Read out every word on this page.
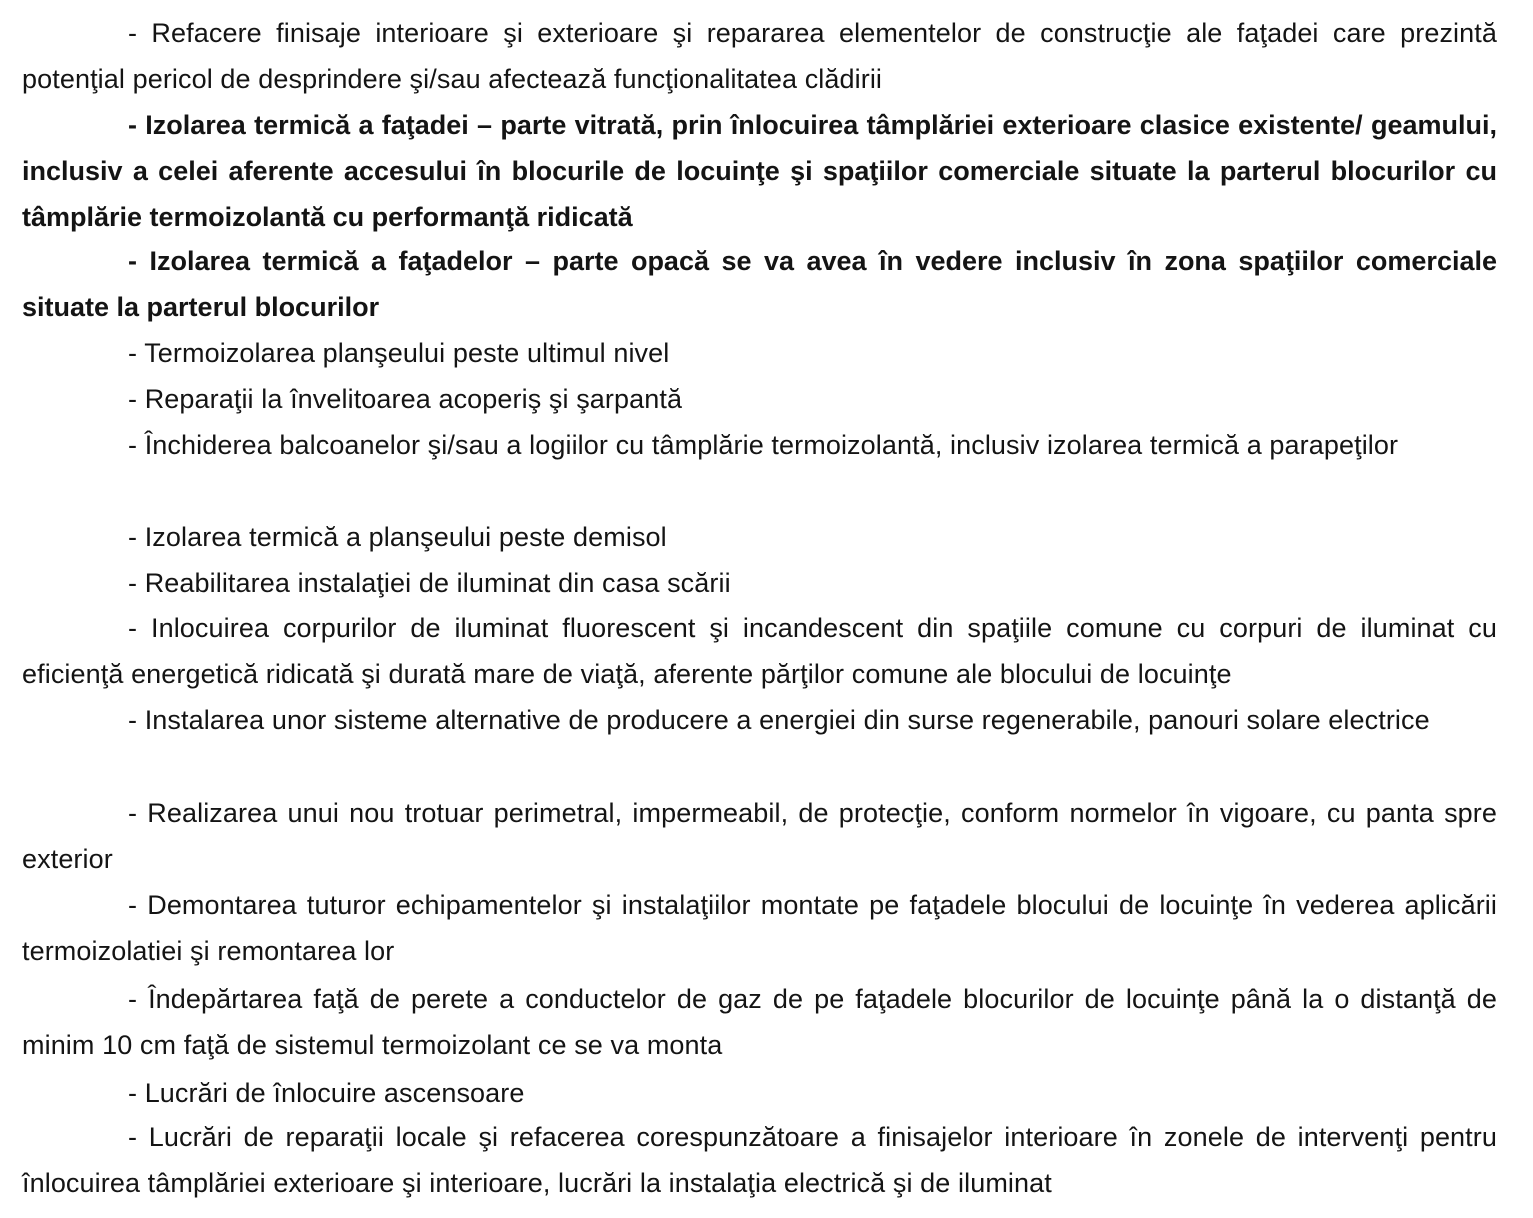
- Refacere finisaje interioare şi exterioare şi repararea elementelor de construcţie ale faţadei care prezintă potenţial pericol de desprindere şi/sau afectează funcţionalitatea clădirii

- Izolarea termică a faţadei – parte vitrată, prin înlocuirea tâmplăriei exterioare clasice existente/ geamului, inclusiv a celei aferente accesului în blocurile de locuinţe şi spaţiilor comerciale situate la parterul blocurilor cu tâmplărie termoizolantă cu performanţă ridicată

- Izolarea termică a faţadelor – parte opacă se va avea în vedere inclusiv în zona spaţiilor comerciale situate la parterul blocurilor

- Termoizolarea planşeului peste ultimul nivel

- Reparaţii la învelitoarea acoperiş şi şarpantă

- Închiderea balcoanelor şi/sau a logiilor cu tâmplărie termoizolantă, inclusiv izolarea termică a parapeţilor

- Izolarea termică a planşeului peste demisol

- Reabilitarea instalaţiei de iluminat din casa scării

- Inlocuirea corpurilor de iluminat fluorescent şi incandescent din spaţiile comune cu corpuri de iluminat cu eficienţă energetică ridicată şi durată mare de viaţă, aferente părţilor comune ale blocului de locuinţe

- Instalarea unor sisteme alternative de producere a energiei din surse regenerabile, panouri solare electrice

- Realizarea unui nou trotuar perimetral, impermeabil, de protecţie, conform normelor în vigoare, cu panta spre exterior

- Demontarea tuturor echipamentelor şi instalaţiilor montate pe faţadele blocului de locuinţe în vederea aplicării termoizolatiei şi remontarea lor

- Îndepărtarea faţă de perete a conductelor de gaz de pe faţadele blocurilor de locuinţe până la o distanţă de minim 10 cm faţă de sistemul termoizolant ce se va monta

- Lucrări de înlocuire ascensoare

- Lucrări de reparaţii locale şi refacerea corespunzătoare a finisajelor interioare în zonele de intervenţi pentru înlocuirea tâmplăriei exterioare şi interioare, lucrări la instalaţia electrică şi de iluminat
